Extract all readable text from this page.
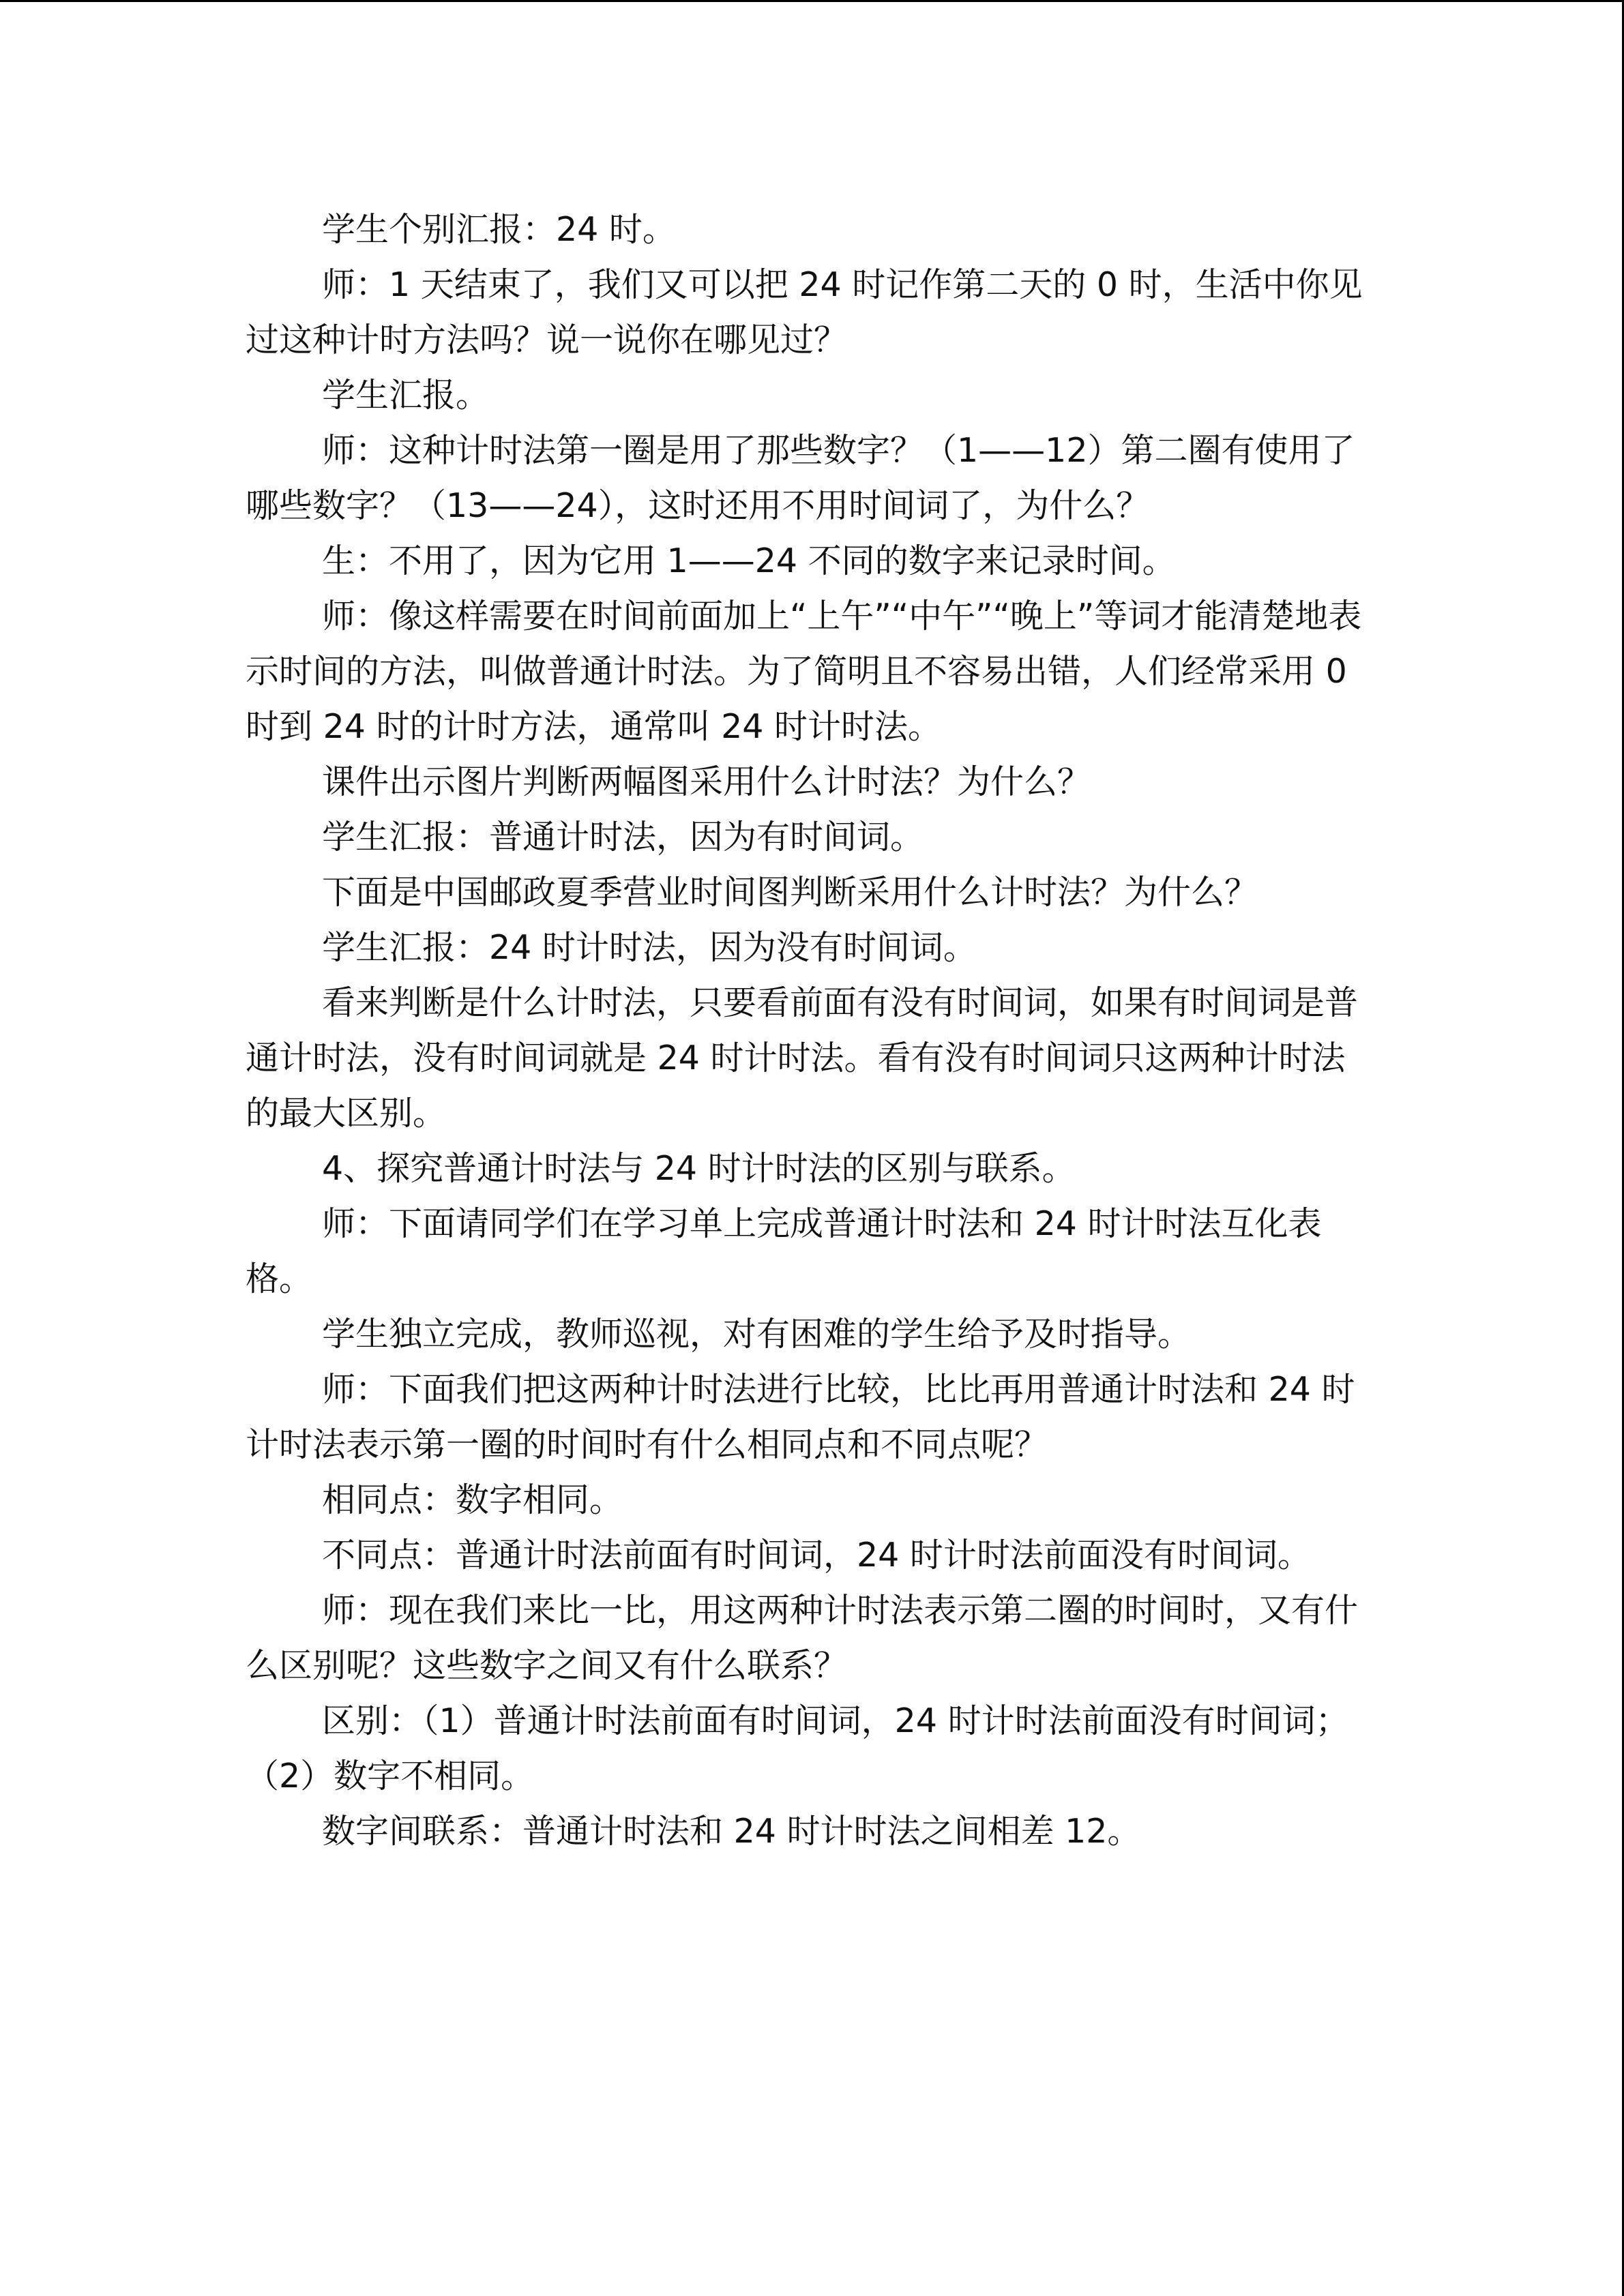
学生个别汇报：24 时。

师：1 天结束了，我们又可以把 24 时记作第二天的 0 时，生活中你见过这种计时方法吗？说一说你在哪见过？

学生汇报。

师：这种计时法第一圈是用了那些数字？（1——12）第二圈有使用了哪些数字？（13——24），这时还用不用时间词了，为什么？

生：不用了，因为它用 1——24 不同的数字来记录时间。

师：像这样需要在时间前面加上“上午”“中午”“晚上”等词才能清楚地表示时间的方法，叫做普通计时法。为了简明且不容易出错，人们经常采用 0 时到 24 时的计时方法，通常叫 24 时计时法。

课件出示图片判断两幅图采用什么计时法？为什么？

学生汇报：普通计时法，因为有时间词。

下面是中国邮政夏季营业时间图判断采用什么计时法？为什么？

学生汇报：24 时计时法，因为没有时间词。

看来判断是什么计时法，只要看前面有没有时间词，如果有时间词是普通计时法，没有时间词就是 24 时计时法。看有没有时间词只这两种计时法的最大区别。

4、探究普通计时法与 24 时计时法的区别与联系。

师：下面请同学们在学习单上完成普通计时法和 24 时计时法互化表格。

学生独立完成，教师巡视，对有困难的学生给予及时指导。

师：下面我们把这两种计时法进行比较，比比再用普通计时法和 24 时计时法表示第一圈的时间时有什么相同点和不同点呢？

相同点：数字相同。

不同点：普通计时法前面有时间词，24 时计时法前面没有时间词。

师：现在我们来比一比，用这两种计时法表示第二圈的时间时，又有什么区别呢？这些数字之间又有什么联系？

区别：（1）普通计时法前面有时间词，24 时计时法前面没有时间词；（2）数字不相同。

数字间联系：普通计时法和 24 时计时法之间相差 12。
